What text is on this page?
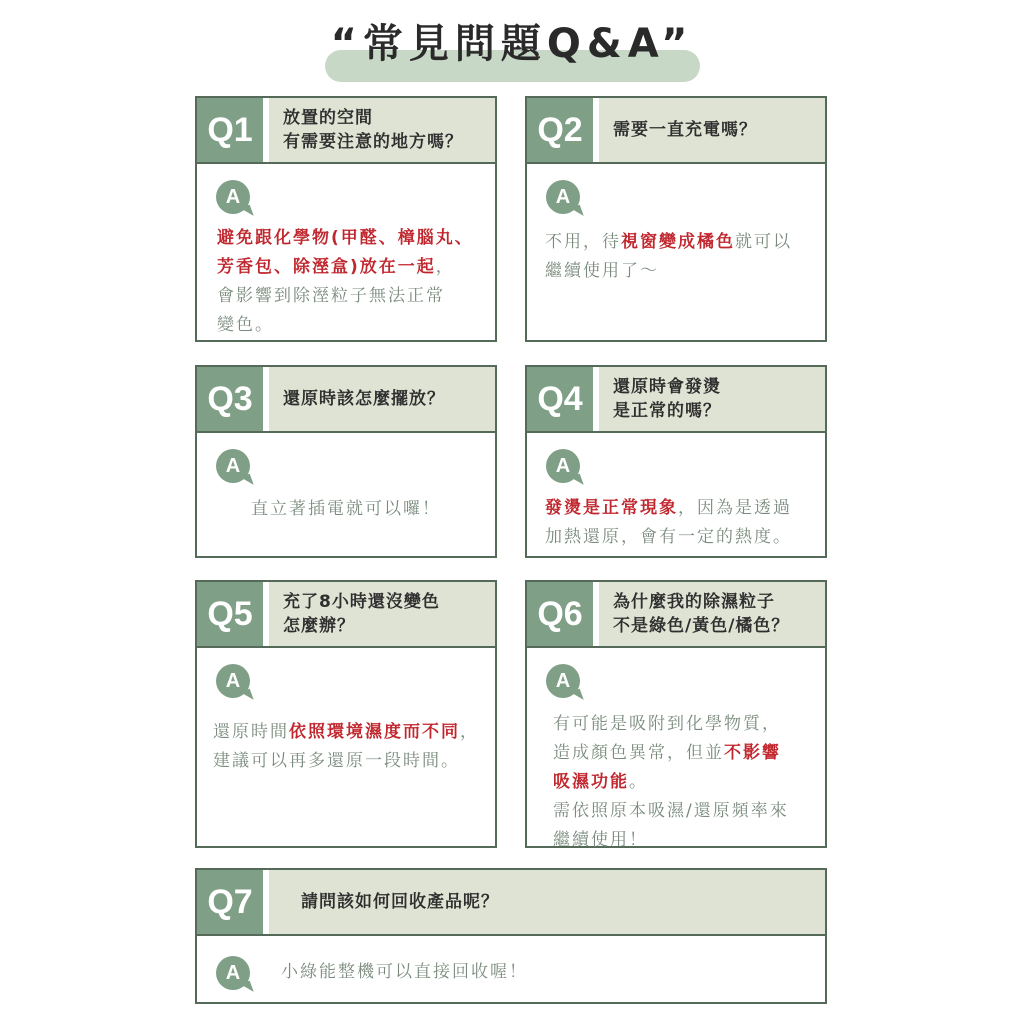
“常見問題Q&A”
Q1	放置的空間
有需要注意的地方嗎？
A
避免跟化學物(甲醛、樟腦丸、
芳香包、除溼盒)放在一起，
會影響到除溼粒子無法正常
變色。
Q2	需要一直充電嗎？
A
不用，待視窗變成橘色就可以
繼續使用了～
Q3	還原時該怎麼擺放？
A
直立著插電就可以囉！
Q4	還原時會發燙
是正常的嗎？
A
發燙是正常現象，因為是透過
加熱還原，會有一定的熱度。
Q5	充了8小時還沒變色
怎麼辦？
A
還原時間依照環境濕度而不同，
建議可以再多還原一段時間。
Q6	為什麼我的除濕粒子
不是綠色/黃色/橘色？
A
有可能是吸附到化學物質，
造成顏色異常，但並不影響
吸濕功能。
需依照原本吸濕/還原頻率來
繼續使用！
Q7	請問該如何回收產品呢？
A	小綠能整機可以直接回收喔！
